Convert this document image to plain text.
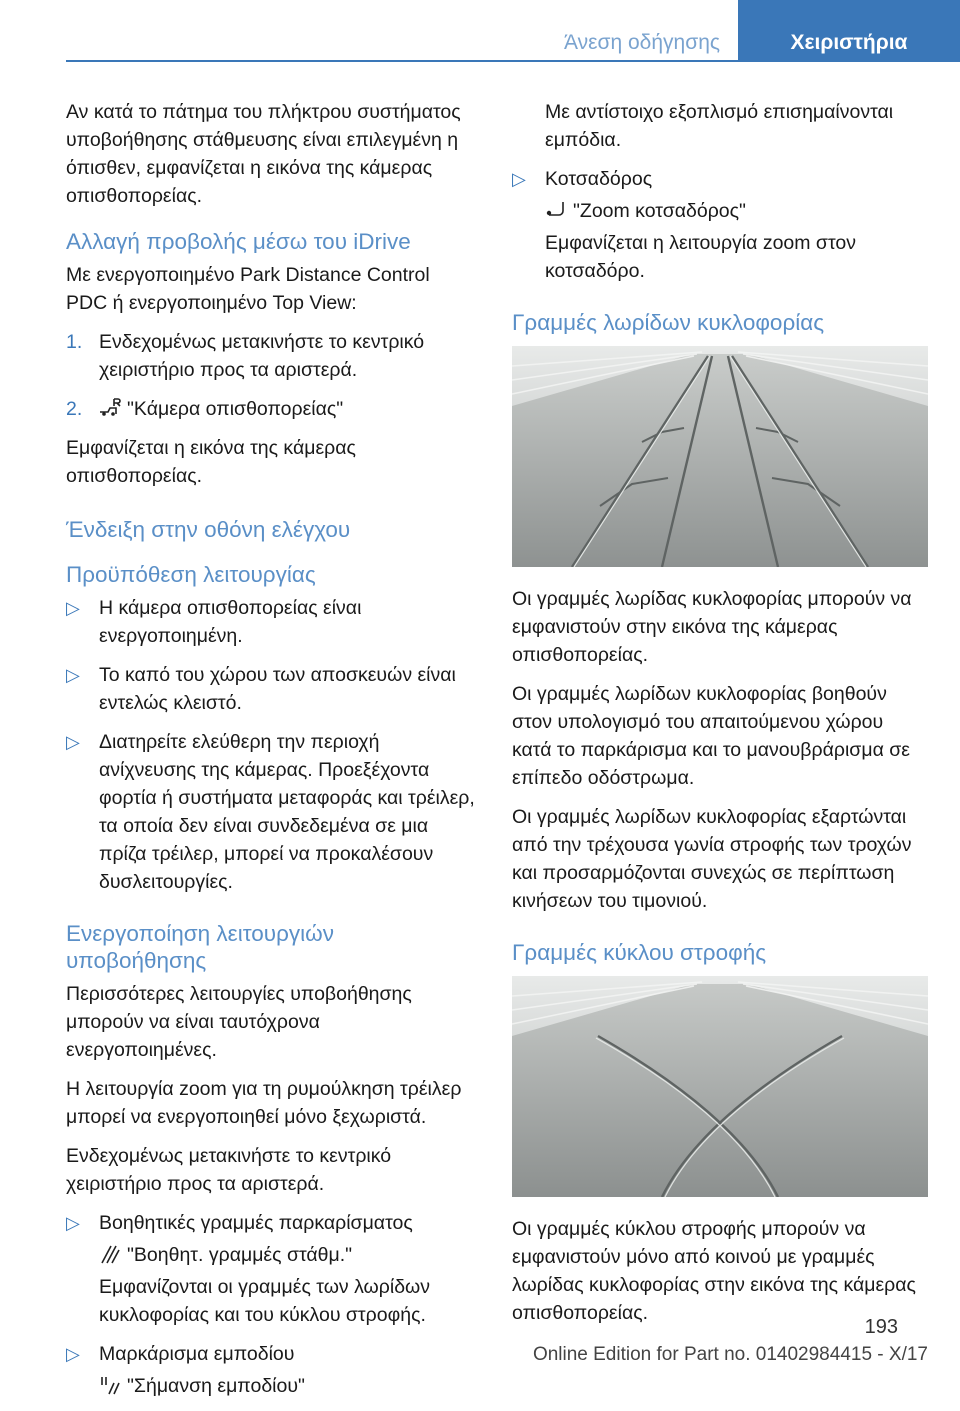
Άνεση οδήγησης	Χειριστήρια

Αν κατά το πάτημα του πλήκτρου συστήματος υποβοήθησης στάθμευσης είναι επιλεγμένη η όπισθεν, εμφανίζεται η εικόνα της κάμερας οπισθοπορείας.

Αλλαγή προβολής μέσω του iDrive

Με ενεργοποιημένο Park Distance Control PDC ή ενεργοποιημένο Top View:

1. Ενδεχομένως μετακινήστε το κεντρικό χειριστήριο προς τα αριστερά.
2. "Κάμερα οπισθοπορείας"

Εμφανίζεται η εικόνα της κάμερας οπισθοπορείας.

Ένδειξη στην οθόνη ελέγχου
Προϋπόθεση λειτουργίας
▷ Η κάμερα οπισθοπορείας είναι ενεργοποιημένη.
▷ Το καπό του χώρου των αποσκευών είναι εντελώς κλειστό.
▷ Διατηρείτε ελεύθερη την περιοχή ανίχνευσης της κάμερας. Προεξέχοντα φορτία ή συστήματα μεταφοράς και τρέιλερ, τα οποία δεν είναι συνδεδεμένα σε μια πρίζα τρέιλερ, μπορεί να προκαλέσουν δυσλειτουργίες.
Ενεργοποίηση λειτουργιών υποβοήθησης

Περισσότερες λειτουργίες υποβοήθησης μπορούν να είναι ταυτόχρονα ενεργοποιημένες.

Η λειτουργία zoom για τη ρυμούλκηση τρέιλερ μπορεί να ενεργοποιηθεί μόνο ξεχωριστά.

Ενδεχομένως μετακινήστε το κεντρικό χειριστήριο προς τα αριστερά.

▷ Βοηθητικές γραμμές παρκαρίσματος
"Βοηθητ. γραμμές στάθμ."
Εμφανίζονται οι γραμμές των λωρίδων κυκλοφορίας και του κύκλου στροφής.
▷ Μαρκάρισμα εμποδίου
"Σήμανση εμποδίου"

Με αντίστοιχο εξοπλισμό επισημαίνονται εμπόδια.

▷ Κοτσαδόρος
"Zoom κοτσαδόρος"
Εμφανίζεται η λειτουργία zoom στον κοτσαδόρο.
Γραμμές λωρίδων κυκλοφορίας

Οι γραμμές λωρίδας κυκλοφορίας μπορούν να εμφανιστούν στην εικόνα της κάμερας οπισθοπορείας.

Οι γραμμές λωρίδων κυκλοφορίας βοηθούν στον υπολογισμό του απαιτούμενου χώρου κατά το παρκάρισμα και το μανουβράρισμα σε επίπεδο οδόστρωμα.

Οι γραμμές λωρίδων κυκλοφορίας εξαρτώνται από την τρέχουσα γωνία στροφής των τροχών και προσαρμόζονται συνεχώς σε περίπτωση κινήσεων του τιμονιού.

Γραμμές κύκλου στροφής

Οι γραμμές κύκλου στροφής μπορούν να εμφανιστούν μόνο από κοινού με γραμμές λωρίδας κυκλοφορίας στην εικόνα της κάμερας οπισθοπορείας.

193
Online Edition for Part no. 01402984415 - X/17
